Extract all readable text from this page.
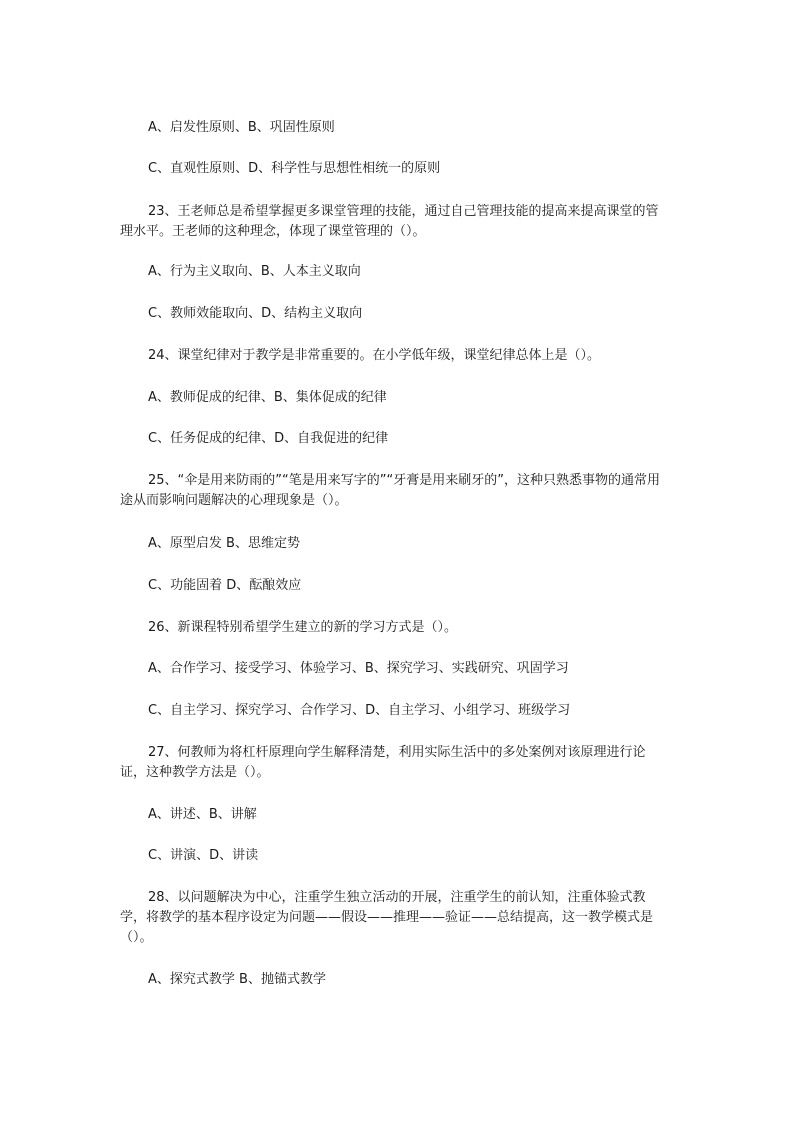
A、启发性原则、B、巩固性原则
C、直观性原则、D、科学性与思想性相统一的原则
23、王老师总是希望掌握更多课堂管理的技能，通过自己管理技能的提高来提高课堂的管理水平。王老师的这种理念，体现了课堂管理的（）。
A、行为主义取向、B、人本主义取向
C、教师效能取向、D、结构主义取向
24、课堂纪律对于教学是非常重要的。在小学低年级，课堂纪律总体上是（）。
A、教师促成的纪律、B、集体促成的纪律
C、任务促成的纪律、D、自我促进的纪律
25、“伞是用来防雨的”“笔是用来写字的”“牙膏是用来刷牙的”，这种只熟悉事物的通常用途从而影响问题解决的心理现象是（）。
A、原型启发 B、思维定势
C、功能固着 D、酝酿效应
26、新课程特别希望学生建立的新的学习方式是（）。
A、合作学习、接受学习、体验学习、B、探究学习、实践研究、巩固学习
C、自主学习、探究学习、合作学习、D、自主学习、小组学习、班级学习
27、何教师为将杠杆原理向学生解释清楚，利用实际生活中的多处案例对该原理进行论证，这种教学方法是（）。
A、讲述、B、讲解
C、讲演、D、讲读
28、以问题解决为中心，注重学生独立活动的开展，注重学生的前认知，注重体验式教学，将教学的基本程序设定为问题——假设——推理——验证——总结提高，这一教学模式是（）。
A、探究式教学 B、抛锚式教学
